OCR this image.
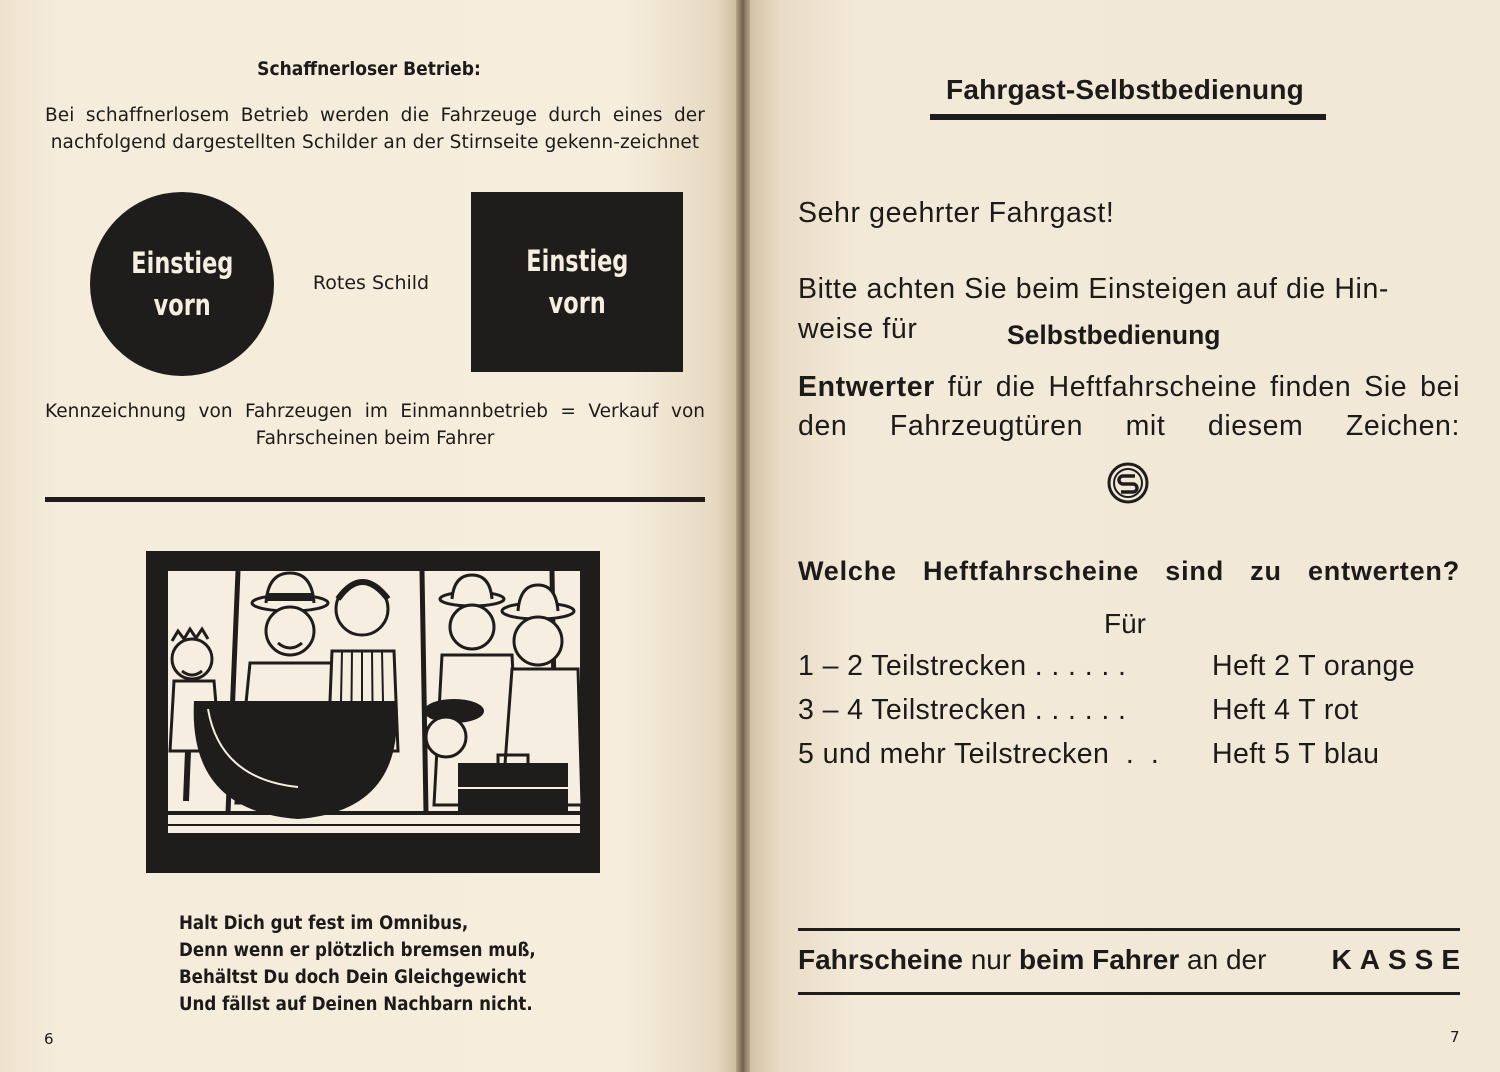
Schaffnerloser Betrieb:
Bei schaffnerlosem Betrieb werden die Fahrzeuge durch eines der nachfolgend dargestellten Schilder an der Stirnseite gekenn-zeichnet
Einstieg
vorn
Rotes Schild
Einstieg
vorn
Kennzeichnung von Fahrzeugen im Einmannbetrieb = Verkauf von Fahrscheinen beim Fahrer
Halt Dich gut fest im Omnibus,
Denn wenn er plötzlich bremsen muß,
Behältst Du doch Dein Gleichgewicht
Und fällst auf Deinen Nachbarn nicht.
6
Fahrgast-Selbstbedienung
Sehr geehrter Fahrgast!
Bitte achten Sie beim Einsteigen auf die Hin-
weise für	Selbstbedienung
Entwerter für die Heftfahrscheine finden Sie bei den Fahrzeugtüren mit diesem Zeichen:
Welche Heftfahrscheine sind zu entwerten?
Für
1 – 2 Teilstrecken . . . . . .	Heft 2 T orange
3 – 4 Teilstrecken . . . . . .	Heft 4 T rot
5 und mehr Teilstrecken  .  . Heft 5 T blau
Fahrscheine nur beim Fahrer an der KASSE
7
